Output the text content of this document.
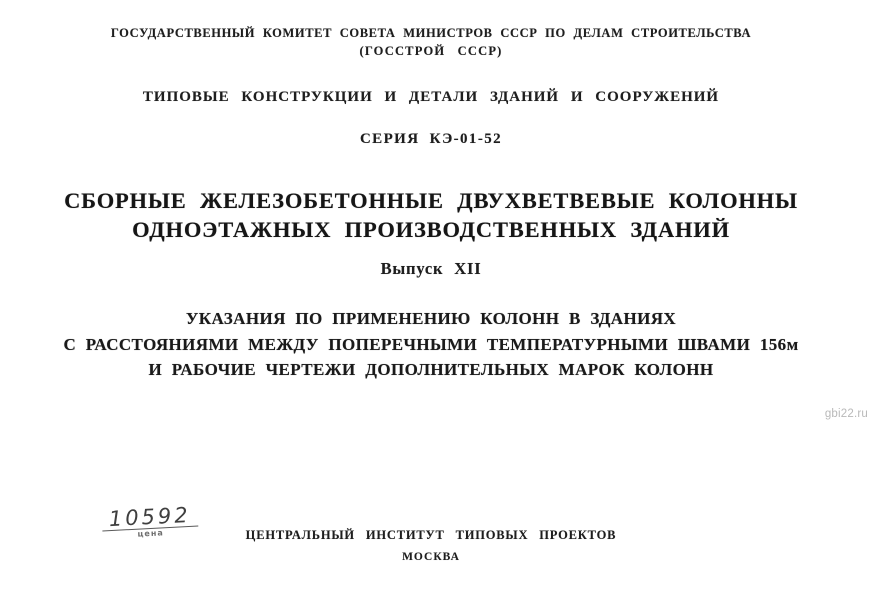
ГОСУДАРСТВЕННЫЙ КОМИТЕТ СОВЕТА МИНИСТРОВ СССР ПО ДЕЛАМ СТРОИТЕЛЬСТВА
(ГОССТРОЙ СССР)
ТИПОВЫЕ КОНСТРУКЦИИ И ДЕТАЛИ ЗДАНИЙ И СООРУЖЕНИЙ
СЕРИЯ КЭ-01-52
СБОРНЫЕ ЖЕЛЕЗОБЕТОННЫЕ ДВУХВЕТВЕВЫЕ КОЛОННЫ
ОДНОЭТАЖНЫХ ПРОИЗВОДСТВЕННЫХ ЗДАНИЙ
Выпуск XII
УКАЗАНИЯ ПО ПРИМЕНЕНИЮ КОЛОНН В ЗДАНИЯХ
С РАССТОЯНИЯМИ МЕЖДУ ПОПЕРЕЧНЫМИ ТЕМПЕРАТУРНЫМИ ШВАМИ 156м
И РАБОЧИЕ ЧЕРТЕЖИ ДОПОЛНИТЕЛЬНЫХ МАРОК КОЛОНН
gbi22.ru
10592
цена	ЦЕНТРАЛЬНЫЙ ИНСТИТУТ ТИПОВЫХ ПРОЕКТОВ
МОСКВА
